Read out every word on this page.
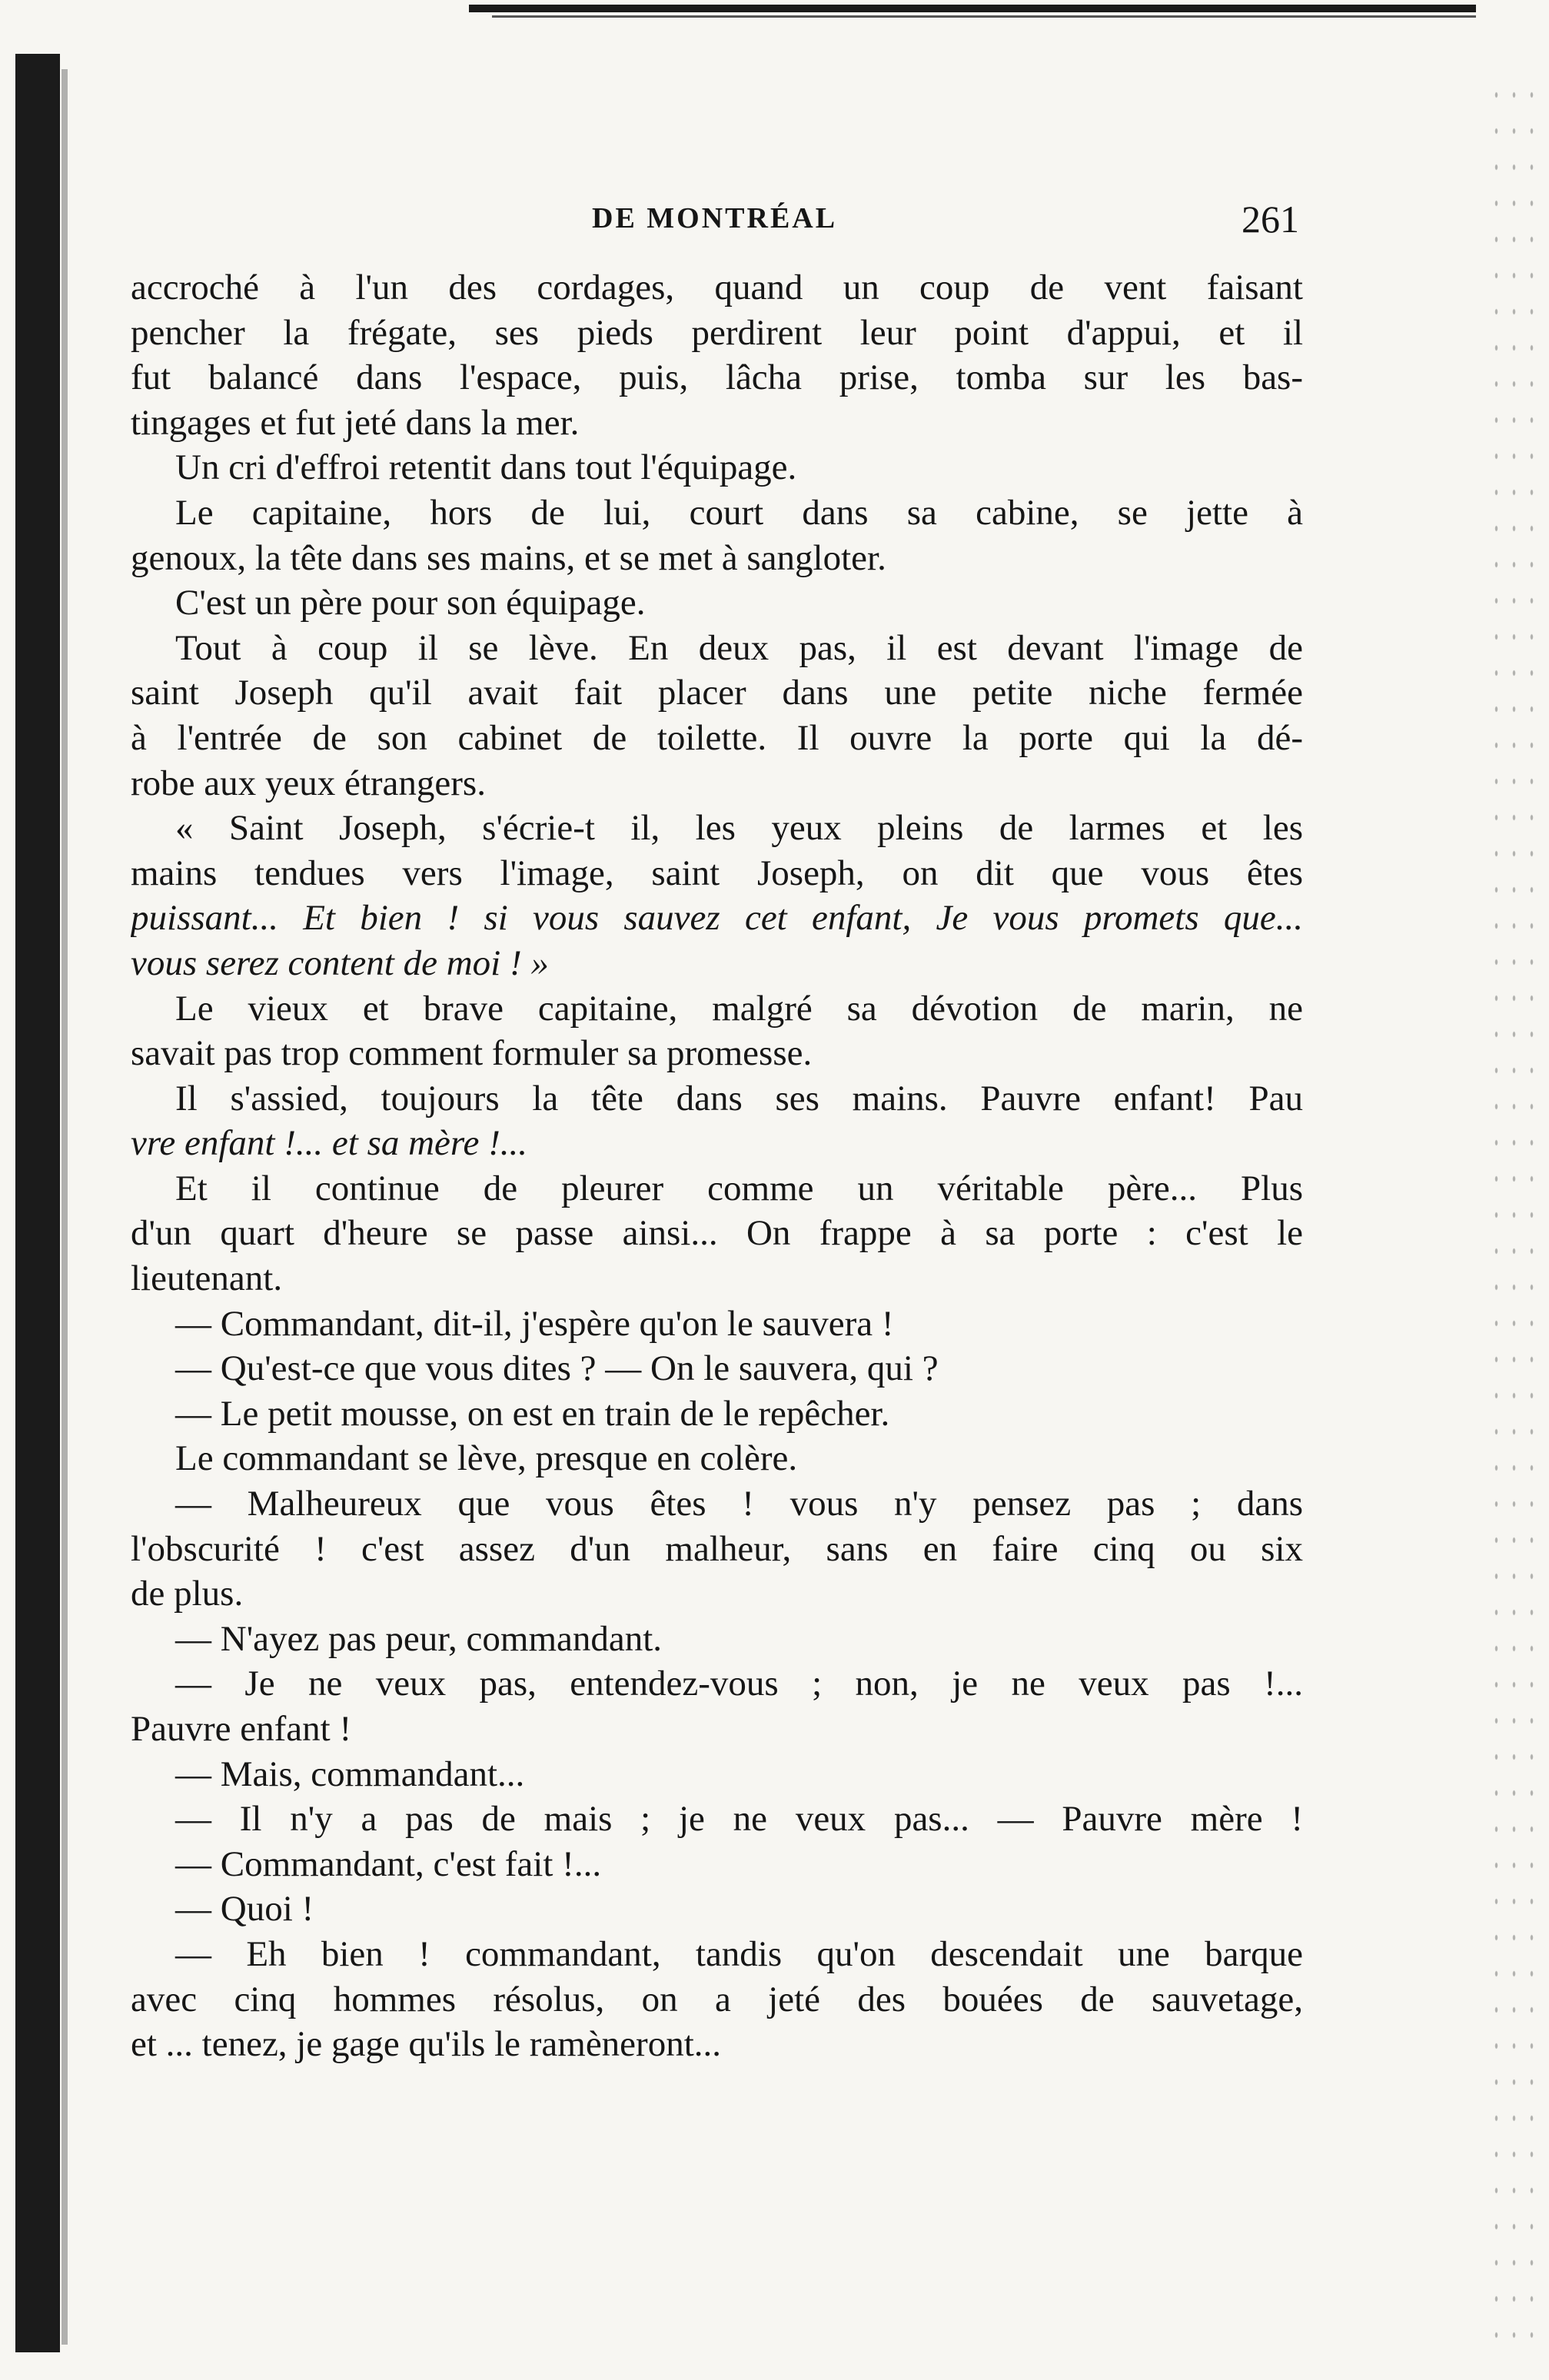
DE MONTRÉAL	261
accroché à l'un des cordages, quand un coup de vent faisant
pencher la frégate, ses pieds perdirent leur point d'appui, et il
fut balancé dans l'espace, puis, lâcha prise, tomba sur les bas-
tingages et fut jeté dans la mer.
Un cri d'effroi retentit dans tout l'équipage.
Le capitaine, hors de lui, court dans sa cabine, se jette à
genoux, la tête dans ses mains, et se met à sangloter.
C'est un père pour son équipage.
Tout à coup il se lève. En deux pas, il est devant l'image de
saint Joseph qu'il avait fait placer dans une petite niche fermée
à l'entrée de son cabinet de toilette. Il ouvre la porte qui la dé-
robe aux yeux étrangers.
« Saint Joseph, s'écrie-t il, les yeux pleins de larmes et les
mains tendues vers l'image, saint Joseph, on dit que vous êtes
puissant... Et bien ! si vous sauvez cet enfant, Je vous promets que...
vous serez content de moi ! »
Le vieux et brave capitaine, malgré sa dévotion de marin, ne
savait pas trop comment formuler sa promesse.
Il s'assied, toujours la tête dans ses mains. Pauvre enfant! Pau
vre enfant !... et sa mère !...
Et il continue de pleurer comme un véritable père... Plus
d'un quart d'heure se passe ainsi... On frappe à sa porte : c'est le
lieutenant.
— Commandant, dit-il, j'espère qu'on le sauvera !
— Qu'est-ce que vous dites ? — On le sauvera, qui ?
— Le petit mousse, on est en train de le repêcher.
Le commandant se lève, presque en colère.
— Malheureux que vous êtes ! vous n'y pensez pas ; dans
l'obscurité ! c'est assez d'un malheur, sans en faire cinq ou six
de plus.
— N'ayez pas peur, commandant.
— Je ne veux pas, entendez-vous ; non, je ne veux pas !...
Pauvre enfant !
— Mais, commandant...
— Il n'y a pas de mais ; je ne veux pas... — Pauvre mère !
— Commandant, c'est fait !...
— Quoi !
— Eh bien ! commandant, tandis qu'on descendait une barque
avec cinq hommes résolus, on a jeté des bouées de sauvetage,
et ... tenez, je gage qu'ils le ramèneront...
